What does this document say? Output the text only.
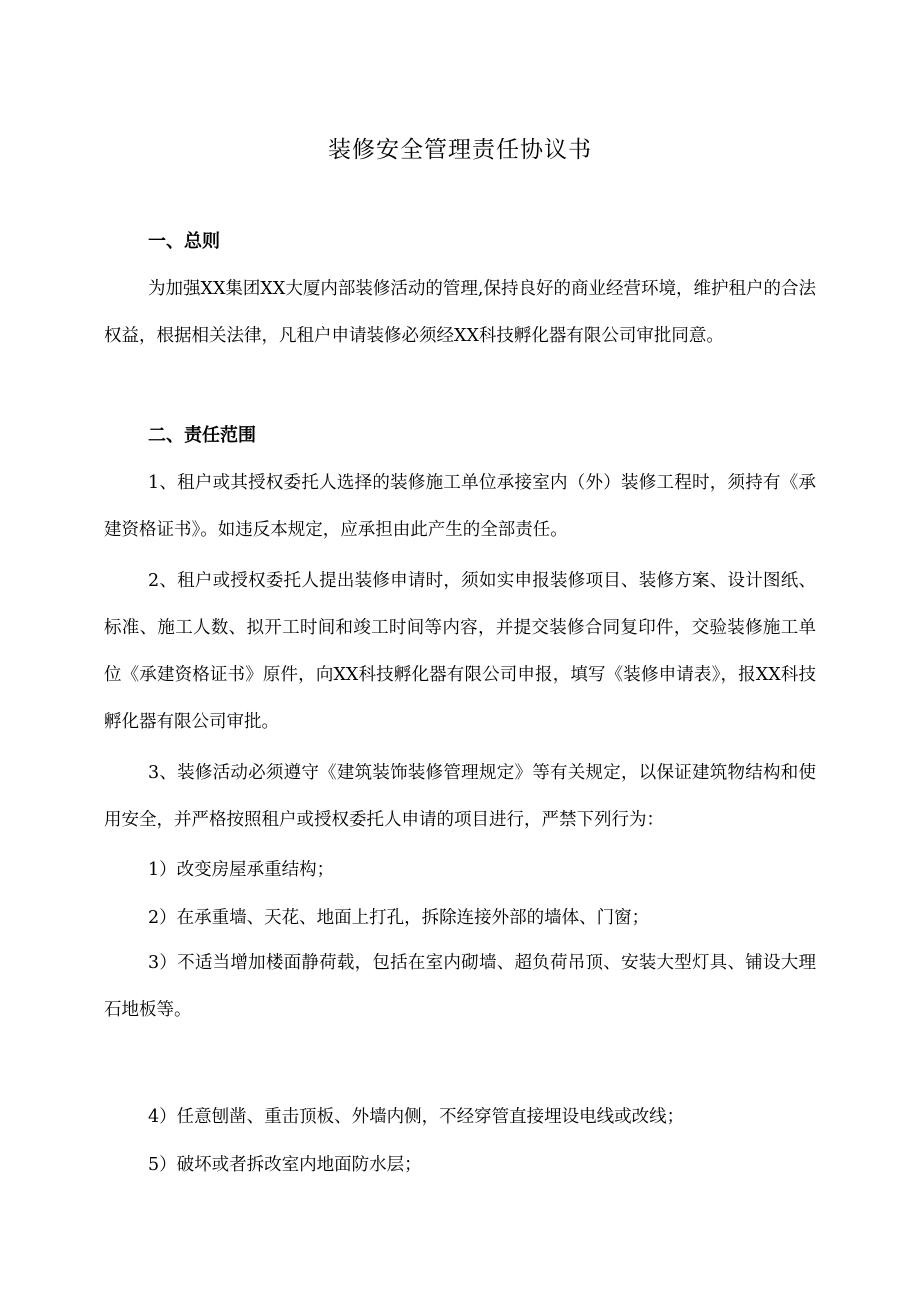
装修安全管理责任协议书
一、总则

为加强XX集团XX大厦内部装修活动的管理,保持良好的商业经营环境，维护租户的合法权益，根据相关法律，凡租户申请装修必须经XX科技孵化器有限公司审批同意。

二、责任范围

1、租户或其授权委托人选择的装修施工单位承接室内（外）装修工程时，须持有《承建资格证书》。如违反本规定，应承担由此产生的全部责任。

2、租户或授权委托人提出装修申请时，须如实申报装修项目、装修方案、设计图纸、标准、施工人数、拟开工时间和竣工时间等内容，并提交装修合同复印件，交验装修施工单位《承建资格证书》原件，向XX科技孵化器有限公司申报，填写《装修申请表》，报XX科技孵化器有限公司审批。

3、装修活动必须遵守《建筑装饰装修管理规定》等有关规定，以保证建筑物结构和使用安全，并严格按照租户或授权委托人申请的项目进行，严禁下列行为：

1）改变房屋承重结构；

2）在承重墙、天花、地面上打孔，拆除连接外部的墙体、门窗；

3）不适当增加楼面静荷载，包括在室内砌墙、超负荷吊顶、安装大型灯具、铺设大理石地板等。

4）任意刨凿、重击顶板、外墙内侧，不经穿管直接埋设电线或改线；

5）破坏或者拆改室内地面防水层；
